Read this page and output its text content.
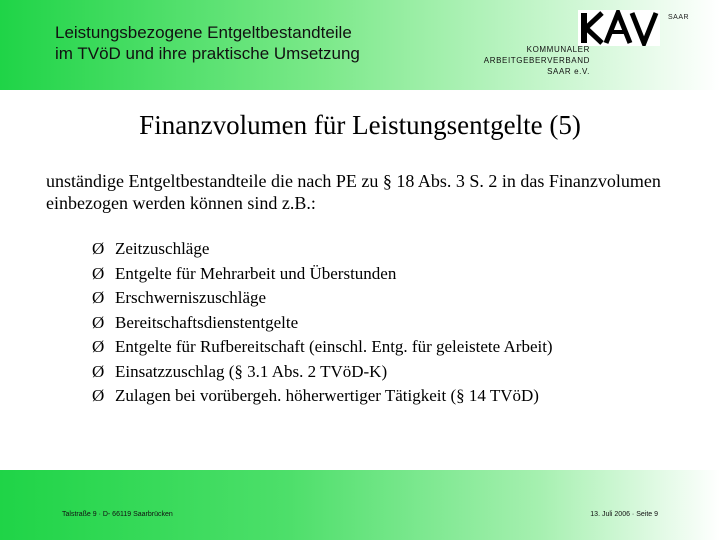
Leistungsbezogene Entgeltbestandteile
im TVöD und ihre praktische Umsetzung
SAAR
KOMMUNALER
ARBEITGEBERVERBAND
SAAR e.V.
Finanzvolumen für Leistungsentgelte (5)
unständige Entgeltbestandteile die nach PE zu § 18 Abs. 3 S. 2 in das Finanzvolumen einbezogen werden können sind z.B.:
Ø Zeitzuschläge
Ø Entgelte für Mehrarbeit und Überstunden
Ø Erschwerniszuschläge
Ø Bereitschaftsdienstentgelte
Ø Entgelte für Rufbereitschaft (einschl. Entg. für geleistete Arbeit)
Ø Einsatzzuschlag (§ 3.1 Abs. 2 TVöD-K)
Ø Zulagen bei vorübergeh. höherwertiger Tätigkeit (§ 14 TVöD)
Talstraße 9 · D- 66119 Saarbrücken	13. Juli 2006 · Seite 9
